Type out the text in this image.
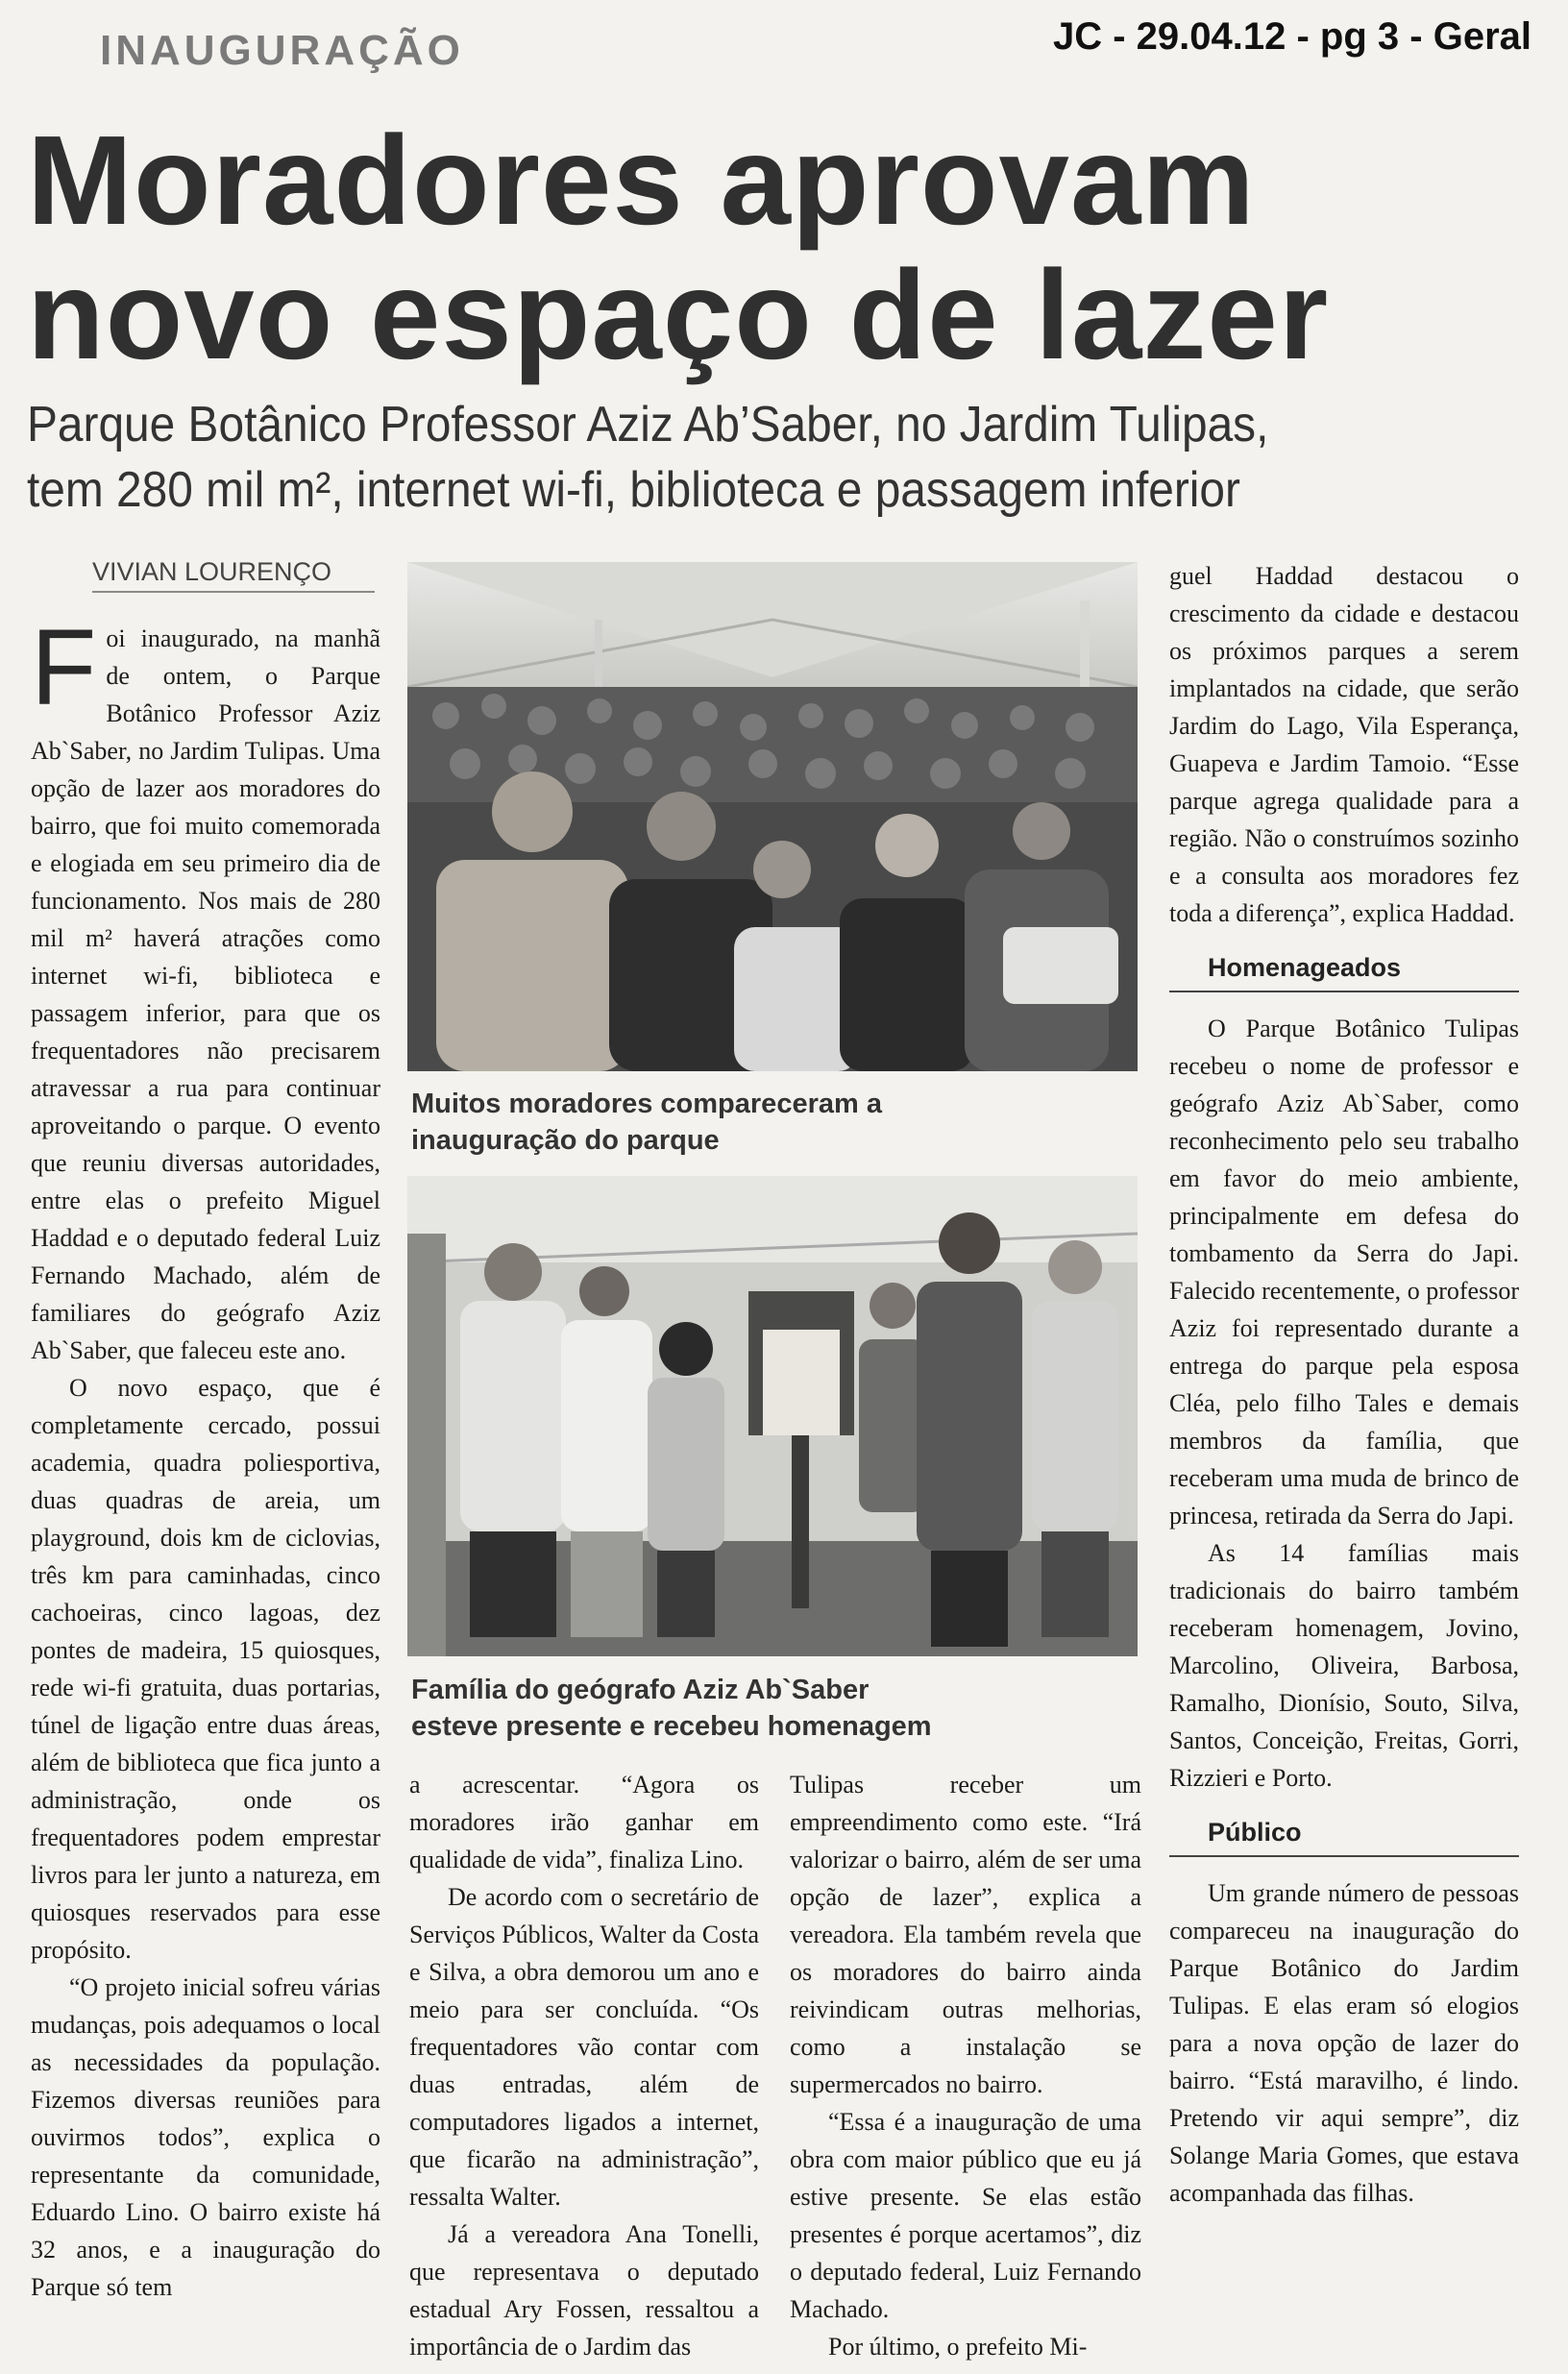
INAUGURAÇÃO	JC - 29.04.12 - pg 3 - Geral
Moradores aprovam
novo espaço de lazer
Parque Botânico Professor Aziz Ab’Saber, no Jardim Tulipas,
tem 280 mil m², internet wi-fi, biblioteca e passagem inferior
VIVIAN LOURENÇO

Foi inaugurado, na manhã de ontem, o Parque Botânico Professor Aziz Ab`Saber, no Jardim Tulipas. Uma opção de lazer aos moradores do bairro, que foi muito comemorada e elogiada em seu primeiro dia de funcionamento. Nos mais de 280 mil m² haverá atrações como internet wi-fi, biblioteca e passagem inferior, para que os frequentadores não precisarem atravessar a rua para continuar aproveitando o parque. O evento que reuniu diversas autoridades, entre elas o prefeito Miguel Haddad e o deputado federal Luiz Fernando Machado, além de familiares do geógrafo Aziz Ab`Saber, que faleceu este ano.

O novo espaço, que é completamente cercado, possui academia, quadra poliesportiva, duas quadras de areia, um playground, dois km de ciclovias, três km para caminhadas, cinco cachoeiras, cinco lagoas, dez pontes de madeira, 15 quiosques, rede wi-fi gratuita, duas portarias, túnel de ligação entre duas áreas, além de biblioteca que fica junto a administração, onde os frequentadores podem emprestar livros para ler junto a natureza, em quiosques reservados para esse propósito.

“O projeto inicial sofreu várias mudanças, pois adequamos o local as necessidades da população. Fizemos diversas reuniões para ouvirmos todos”, explica o representante da comunidade, Eduardo Lino. O bairro existe há 32 anos, e a inauguração do Parque só tem

Muitos moradores compareceram a inauguração do parque
Família do geógrafo Aziz Ab`Saber esteve presente e recebeu homenagem

a acrescentar. “Agora os moradores irão ganhar em qualidade de vida”, finaliza Lino.

De acordo com o secretário de Serviços Públicos, Walter da Costa e Silva, a obra demorou um ano e meio para ser concluída. “Os frequentadores vão contar com duas entradas, além de computadores ligados a internet, que ficarão na administração”, ressalta Walter.

Já a vereadora Ana Tonelli, que representava o deputado estadual Ary Fossen, ressaltou a importância de o Jardim das

Tulipas receber um empreendimento como este. “Irá valorizar o bairro, além de ser uma opção de lazer”, explica a vereadora. Ela também revela que os moradores do bairro ainda reivindicam outras melhorias, como a instalação se supermercados no bairro.

“Essa é a inauguração de uma obra com maior público que eu já estive presente. Se elas estão presentes é porque acertamos”, diz o deputado federal, Luiz Fernando Machado.

Por último, o prefeito Mi-

guel Haddad destacou o crescimento da cidade e destacou os próximos parques a serem implantados na cidade, que serão Jardim do Lago, Vila Esperança, Guapeva e Jardim Tamoio. “Esse parque agrega qualidade para a região. Não o construímos sozinho e a consulta aos moradores fez toda a diferença”, explica Haddad.

Homenageados

O Parque Botânico Tulipas recebeu o nome de professor e geógrafo Aziz Ab`Saber, como reconhecimento pelo seu trabalho em favor do meio ambiente, principalmente em defesa do tombamento da Serra do Japi. Falecido recentemente, o professor Aziz foi representado durante a entrega do parque pela esposa Cléa, pelo filho Tales e demais membros da família, que receberam uma muda de brinco de princesa, retirada da Serra do Japi.

As 14 famílias mais tradicionais do bairro também receberam homenagem, Jovino, Marcolino, Oliveira, Barbosa, Ramalho, Dionísio, Souto, Silva, Santos, Conceição, Freitas, Gorri, Rizzieri e Porto.

Público

Um grande número de pessoas compareceu na inauguração do Parque Botânico do Jardim Tulipas. E elas eram só elogios para a nova opção de lazer do bairro. “Está maravilho, é lindo. Pretendo vir aqui sempre”, diz Solange Maria Gomes, que estava acompanhada das filhas.
